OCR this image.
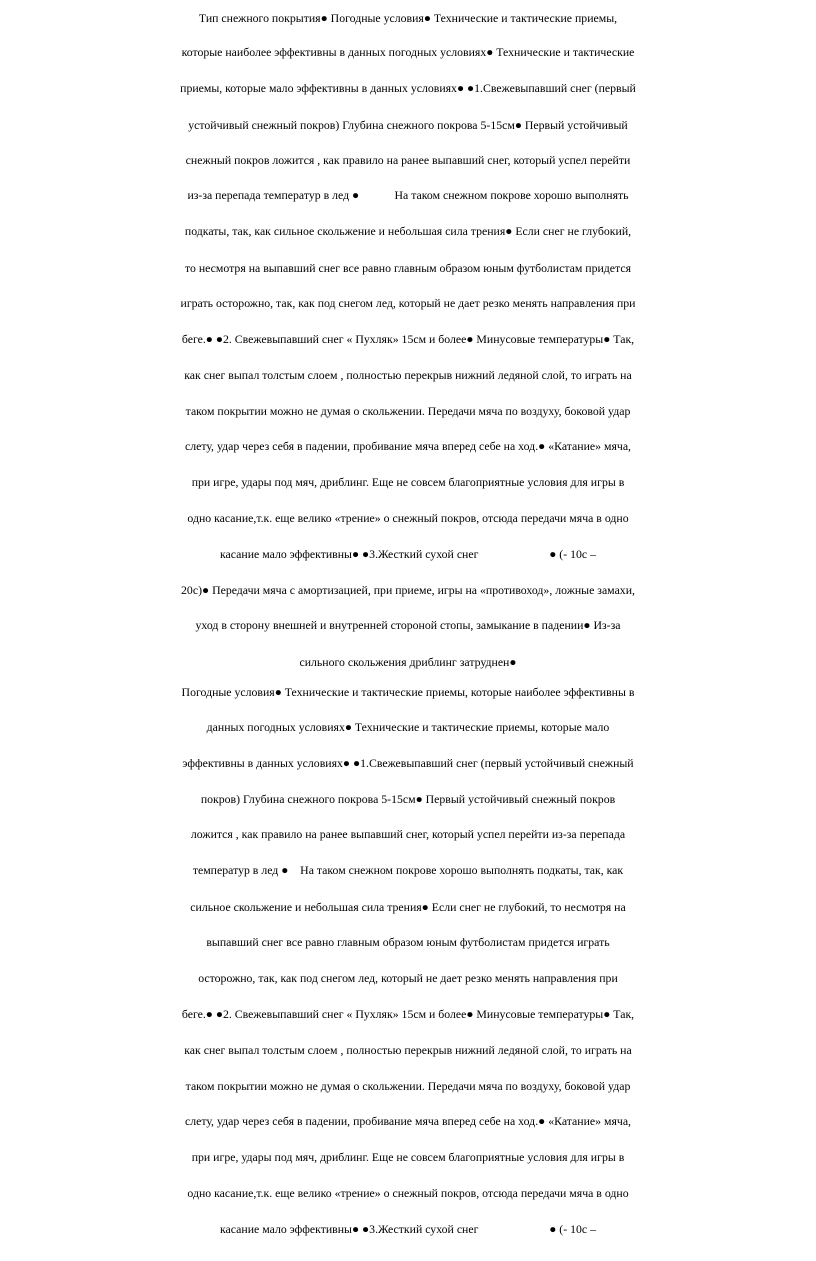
Тип снежного покрытия● Погодные условия● Технические и тактические приемы,
которые наиболее эффективны в данных погодных условиях● Технические и тактические
приемы, которые мало эффективны в данных условиях● ●1.Свежевыпавший снег (первый
устойчивый снежный покров) Глубина снежного покрова 5-15см● Первый устойчивый
снежный покров ложится , как правило на ранее выпавший снег, который успел перейти
из-за перепада температур в лед ●            На таком снежном покрове хорошо выполнять
подкаты, так, как сильное скольжение и небольшая сила трения● Если снег не глубокий,
то несмотря на выпавший снег все равно главным образом юным футболистам придется
играть осторожно, так, как под снегом лед, который не дает резко менять направления при
беге.● ●2. Свежевыпавший снег « Пухляк» 15см и более● Минусовые температуры● Так,
как снег выпал толстым слоем , полностью перекрыв нижний ледяной слой, то играть на
таком покрытии можно не думая о скольжении. Передачи мяча по воздуху, боковой удар
слету, удар через себя в падении, пробивание мяча вперед себе на ход.● «Катание» мяча,
при игре, удары под мяч, дриблинг. Еще не совсем благоприятные условия для игры в
одно касание,т.к. еще велико «трение» о снежный покров, отсюда передачи мяча в одно
касание мало эффективны● ●3.Жесткий сухой снег                        ● (- 10с –
20с)● Передачи мяча с амортизацией, при приеме, игры на «противоход», ложные замахи,
уход в сторону внешней и внутренней стороной стопы, замыкание в падении● Из-за
сильного скольжения дриблинг затруднен●
Погодные условия● Технические и тактические приемы, которые наиболее эффективны в
данных погодных условиях● Технические и тактические приемы, которые мало
эффективны в данных условиях● ●1.Свежевыпавший снег (первый устойчивый снежный
покров) Глубина снежного покрова 5-15см● Первый устойчивый снежный покров
ложится , как правило на ранее выпавший снег, который успел перейти из-за перепада
температур в лед ●    На таком снежном покрове хорошо выполнять подкаты, так, как
сильное скольжение и небольшая сила трения● Если снег не глубокий, то несмотря на
выпавший снег все равно главным образом юным футболистам придется играть
осторожно, так, как под снегом лед, который не дает резко менять направления при
беге.● ●2. Свежевыпавший снег « Пухляк» 15см и более● Минусовые температуры● Так,
как снег выпал толстым слоем , полностью перекрыв нижний ледяной слой, то играть на
таком покрытии можно не думая о скольжении. Передачи мяча по воздуху, боковой удар
слету, удар через себя в падении, пробивание мяча вперед себе на ход.● «Катание» мяча,
при игре, удары под мяч, дриблинг. Еще не совсем благоприятные условия для игры в
одно касание,т.к. еще велико «трение» о снежный покров, отсюда передачи мяча в одно
касание мало эффективны● ●3.Жесткий сухой снег                        ● (- 10с –
